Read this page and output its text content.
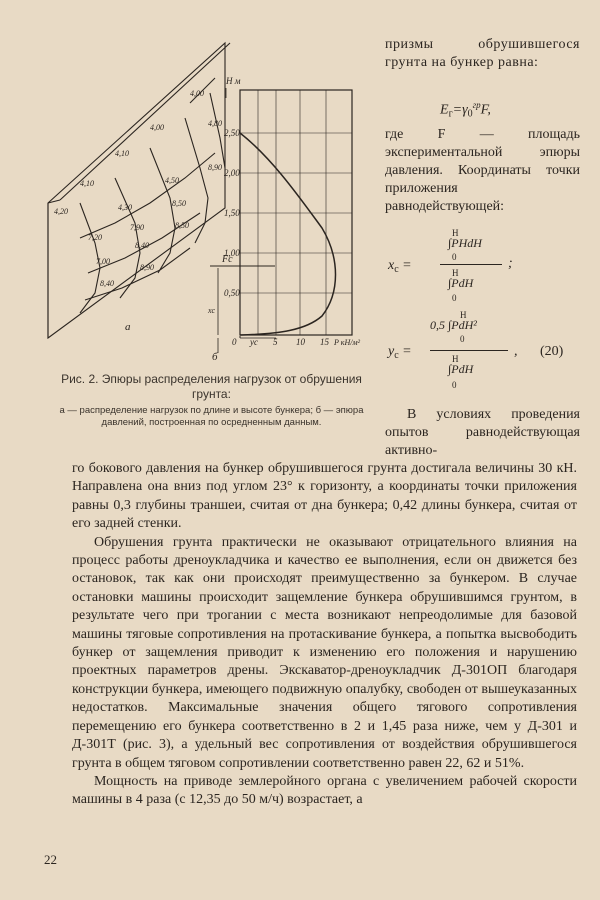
4,00
4,00
4,10
4,10
4,20	4,30
4,50
7,20
7,90
8,50
8,90
7,00
8,40
8,50
4,80
8,40
8,90
а
H м
2,50
2,00
1,50
1,00
0,50
Fc
0	5 10 15 P кН/м²
yc
xc
б
Рис. 2. Эпюры распределения нагрузок от обрушения грунта:
а — распределение нагрузок по длине и высоте бункера; б — эпюра давлений, построенная по осредненным данным.

призмы обрушившегося грунта на бункер равна:

$E_г=\gamma_0^{гр}F$,

где F — площадь экспериментальной эпюры давления. Координаты точки приложения равнодействующей:

$x_c$ =
H
∫PHdH
0
H
∫PdH
0
;
$y_c$ =
H
0,5 ∫PdH²
0
H
∫PdH
0
, (20)

В условиях проведения опытов равнодействующая активно-

го бокового давления на бункер обрушившегося грунта достигала величины 30 кН. Направлена она вниз под углом 23° к горизонту, а координаты точки приложения равны 0,3 глубины траншеи, считая от дна бункера; 0,42 длины бункера, считая от его задней стенки.

Обрушения грунта практически не оказывают отрицательного влияния на процесс работы дреноукладчика и качество ее выполнения, если он движется без остановок, так как они происходят преимущественно за бункером. В случае остановки машины происходит защемление бункера обрушившимся грунтом, в результате чего при трогании с места возникают непреодолимые для базовой машины тяговые сопротивления на протаскивание бункера, а попытка высвободить бункер от защемления приводит к изменению его положения и нарушению проектных параметров дрены. Экскаватор-дреноукладчик Д-301ОП благодаря конструкции бункера, имеющего подвижную опалубку, свободен от вышеуказанных недостатков. Максимальные значения общего тягового сопротивления перемещению его бункера соответственно в 2 и 1,45 раза ниже, чем у Д-301 и Д-301Т (рис. 3), а удельный вес сопротивления от воздействия обрушившегося грунта в общем тяговом сопротивлении соответственно равен 22, 62 и 51%.

Мощность на приводе землеройного органа с увеличением рабочей скорости машины в 4 раза (с 12,35 до 50 м/ч) возрастает, а

22
